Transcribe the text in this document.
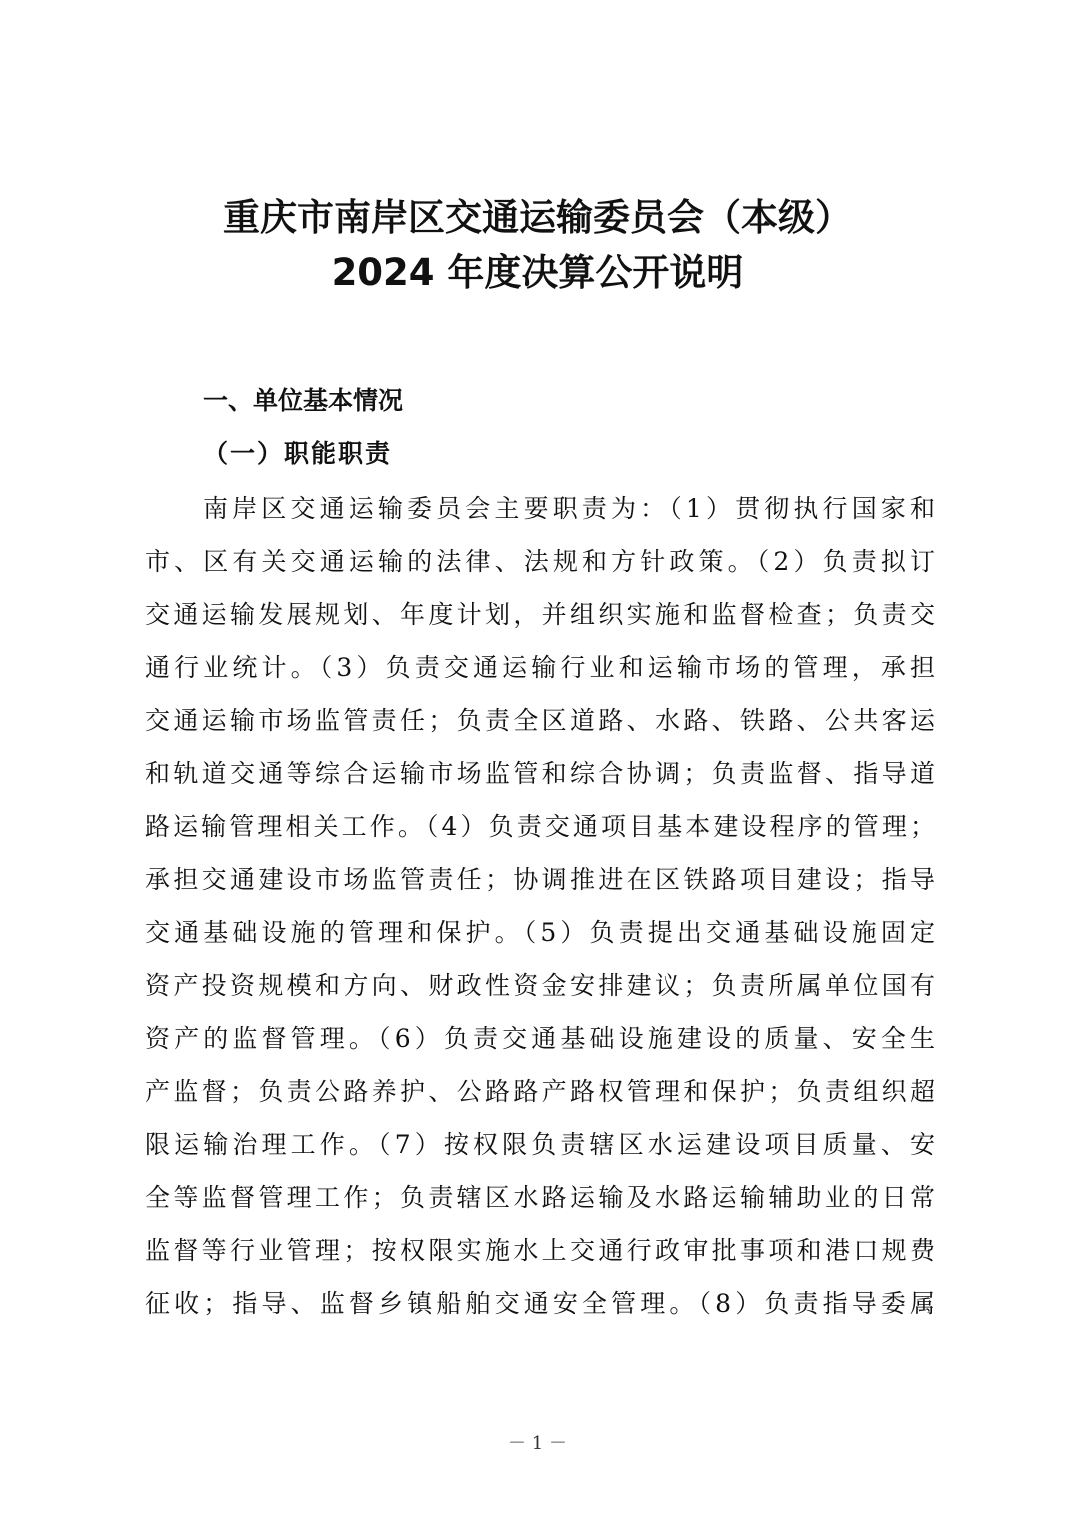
重庆市南岸区交通运输委员会（本级）
2024 年度决算公开说明
一、单位基本情况
（一）职能职责
南岸区交通运输委员会主要职责为：（1）贯彻执行国家和
市、区有关交通运输的法律、法规和方针政策。（2）负责拟订
交通运输发展规划、年度计划，并组织实施和监督检查；负责交
通行业统计。（3）负责交通运输行业和运输市场的管理，承担
交通运输市场监管责任；负责全区道路、水路、铁路、公共客运
和轨道交通等综合运输市场监管和综合协调；负责监督、指导道
路运输管理相关工作。（4）负责交通项目基本建设程序的管理；
承担交通建设市场监管责任；协调推进在区铁路项目建设；指导
交通基础设施的管理和保护。（5）负责提出交通基础设施固定
资产投资规模和方向、财政性资金安排建议；负责所属单位国有
资产的监督管理。（6）负责交通基础设施建设的质量、安全生
产监督；负责公路养护、公路路产路权管理和保护；负责组织超
限运输治理工作。（7）按权限负责辖区水运建设项目质量、安
全等监督管理工作；负责辖区水路运输及水路运输辅助业的日常
监督等行业管理；按权限实施水上交通行政审批事项和港口规费
征收；指导、监督乡镇船舶交通安全管理。（8）负责指导委属
－ 1 －
